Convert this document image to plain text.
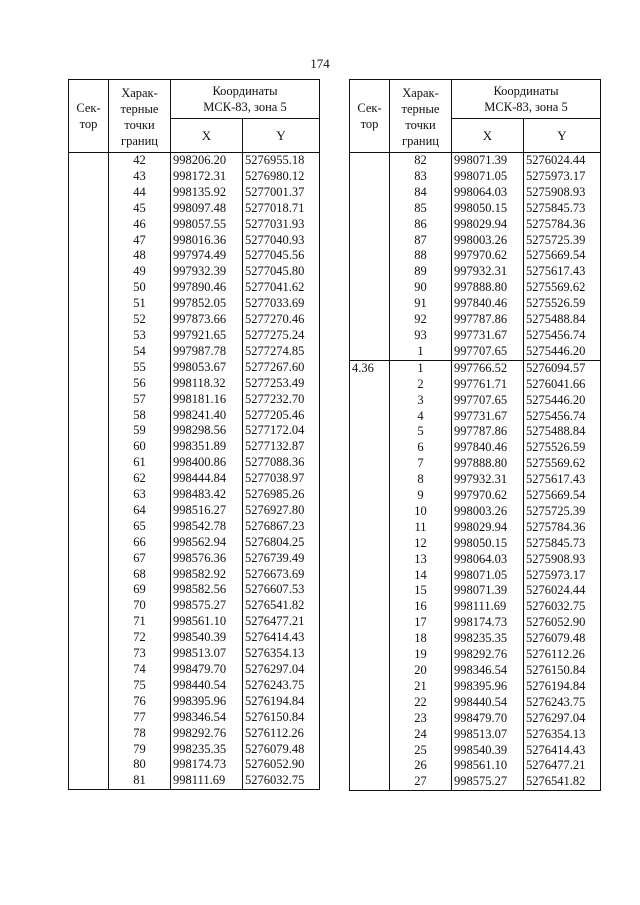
174
Сек- тор	Харак- терные точки границ	Координаты МСК-83, зона 5	
		X	Y
	42	998206.20	5276955.18
	43	998172.31	5276980.12
	44	998135.92	5277001.37
	45	998097.48	5277018.71
	46	998057.55	5277031.93
	47	998016.36	5277040.93
	48	997974.49	5277045.56
	49	997932.39	5277045.80
	50	997890.46	5277041.62
	51	997852.05	5277033.69
	52	997873.66	5277270.46
	53	997921.65	5277275.24
	54	997987.78	5277274.85
	55	998053.67	5277267.60
	56	998118.32	5277253.49
	57	998181.16	5277232.70
	58	998241.40	5277205.46
	59	998298.56	5277172.04
	60	998351.89	5277132.87
	61	998400.86	5277088.36
	62	998444.84	5277038.97
	63	998483.42	5276985.26
	64	998516.27	5276927.80
	65	998542.78	5276867.23
	66	998562.94	5276804.25
	67	998576.36	5276739.49
	68	998582.92	5276673.69
	69	998582.56	5276607.53
	70	998575.27	5276541.82
	71	998561.10	5276477.21
	72	998540.39	5276414.43
	73	998513.07	5276354.13
	74	998479.70	5276297.04
	75	998440.54	5276243.75
	76	998395.96	5276194.84
	77	998346.54	5276150.84
	78	998292.76	5276112.26
	79	998235.35	5276079.48
	80	998174.73	5276052.90
	81	998111.69	5276032.75
Сек- тор	Харак- терные точки границ	Координаты МСК-83, зона 5	
		X	Y
	82	998071.39	5276024.44
	83	998071.05	5275973.17
	84	998064.03	5275908.93
	85	998050.15	5275845.73
	86	998029.94	5275784.36
	87	998003.26	5275725.39
	88	997970.62	5275669.54
	89	997932.31	5275617.43
	90	997888.80	5275569.62
	91	997840.46	5275526.59
	92	997787.86	5275488.84
	93	997731.67	5275456.74
	1	997707.65	5275446.20
4.36	1	997766.52	5276094.57
	2	997761.71	5276041.66
	3	997707.65	5275446.20
	4	997731.67	5275456.74
	5	997787.86	5275488.84
	6	997840.46	5275526.59
	7	997888.80	5275569.62
	8	997932.31	5275617.43
	9	997970.62	5275669.54
	10	998003.26	5275725.39
	11	998029.94	5275784.36
	12	998050.15	5275845.73
	13	998064.03	5275908.93
	14	998071.05	5275973.17
	15	998071.39	5276024.44
	16	998111.69	5276032.75
	17	998174.73	5276052.90
	18	998235.35	5276079.48
	19	998292.76	5276112.26
	20	998346.54	5276150.84
	21	998395.96	5276194.84
	22	998440.54	5276243.75
	23	998479.70	5276297.04
	24	998513.07	5276354.13
	25	998540.39	5276414.43
	26	998561.10	5276477.21
	27	998575.27	5276541.82
